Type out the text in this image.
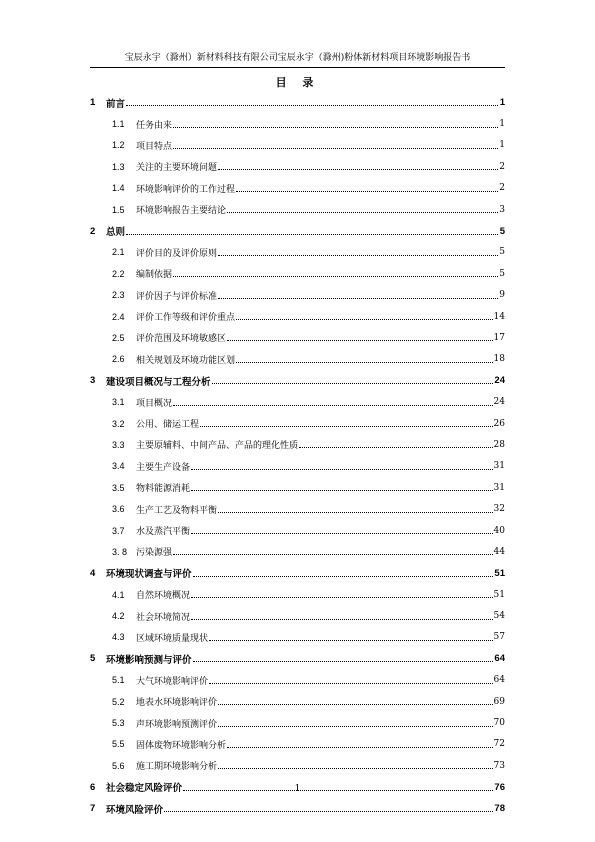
宝辰永宇（滁州）新材料科技有限公司宝辰永宇（滁州)粉体新材料项目环境影响报告书
目 录
1	前言	1
1.1	任务由来	1
1.2	项目特点	1
1.3	关注的主要环境问题	2
1.4	环境影响评价的工作过程	2
1.5	环境影响报告主要结论	3
2	总则	5
2.1	评价目的及评价原则	5
2.2	编制依据	5
2.3	评价因子与评价标准	9
2.4	评价工作等级和评价重点	14
2.5	评价范围及环境敏感区	17
2.6	相关规划及环境功能区划	18
3	建设项目概况与工程分析	24
3.1	项目概况	24
3.2	公用、储运工程	26
3.3	主要原辅料、中间产品、产品的理化性质	28
3.4	主要生产设备	31
3.5	物料能源消耗	31
3.6	生产工艺及物料平衡	32
3.7	水及蒸汽平衡	40
3. 8 污染源强	44
4	环境现状调查与评价	51
4.1	自然环境概况	51
4.2	社会环境简况	54
4.3	区域环境质量现状	57
5	环境影响预测与评价	64
5.1	大气环境影响评价	64
5.2	地表水环境影响评价	69
5.3	声环境影响预测评价	70
5.5	固体废物环境影响分析	72
5.6	施工期环境影响分析	73
6	社会稳定风险评价	76
7	环境风险评价	78
1
